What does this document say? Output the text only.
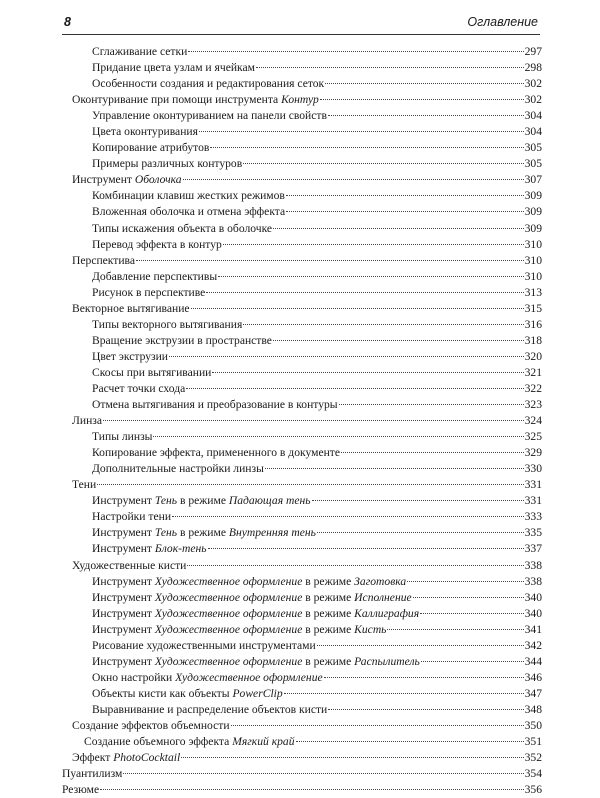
8	Оглавление
Сглаживание сетки	297
Придание цвета узлам и ячейкам	298
Особенности создания и редактирования сеток	302
Оконтуривание при помощи инструмента Контур	302
Управление оконтуриванием на панели свойств	304
Цвета оконтуривания	304
Копирование атрибутов	305
Примеры различных контуров	305
Инструмент Оболочка	307
Комбинации клавиш жестких режимов	309
Вложенная оболочка и отмена эффекта	309
Типы искажения объекта в оболочке	309
Перевод эффекта в контур	310
Перспектива	310
Добавление перспективы	310
Рисунок в перспективе	313
Векторное вытягивание	315
Типы векторного вытягивания	316
Вращение экструзии в пространстве	318
Цвет экструзии	320
Скосы при вытягивании	321
Расчет точки схода	322
Отмена вытягивания и преобразование в контуры	323
Линза	324
Типы линзы	325
Копирование эффекта, примененного в документе	329
Дополнительные настройки линзы	330
Тени	331
Инструмент Тень в режиме Падающая тень	331
Настройки тени	333
Инструмент Тень в режиме Внутренняя тень	335
Инструмент Блок-тень	337
Художественные кисти	338
Инструмент Художественное оформление в режиме Заготовка	338
Инструмент Художественное оформление в режиме Исполнение	340
Инструмент Художественное оформление в режиме Каллиграфия	340
Инструмент Художественное оформление в режиме Кисть	341
Рисование художественными инструментами	342
Инструмент Художественное оформление в режиме Распылитель	344
Окно настройки Художественное оформление	346
Объекты кисти как объекты PowerClip	347
Выравнивание и распределение объектов кисти	348
Создание эффектов объемности	350
Создание объемного эффекта Мягкий край	351
Эффект PhotoCocktail	352
Пуантилизм	354
Резюме	356
